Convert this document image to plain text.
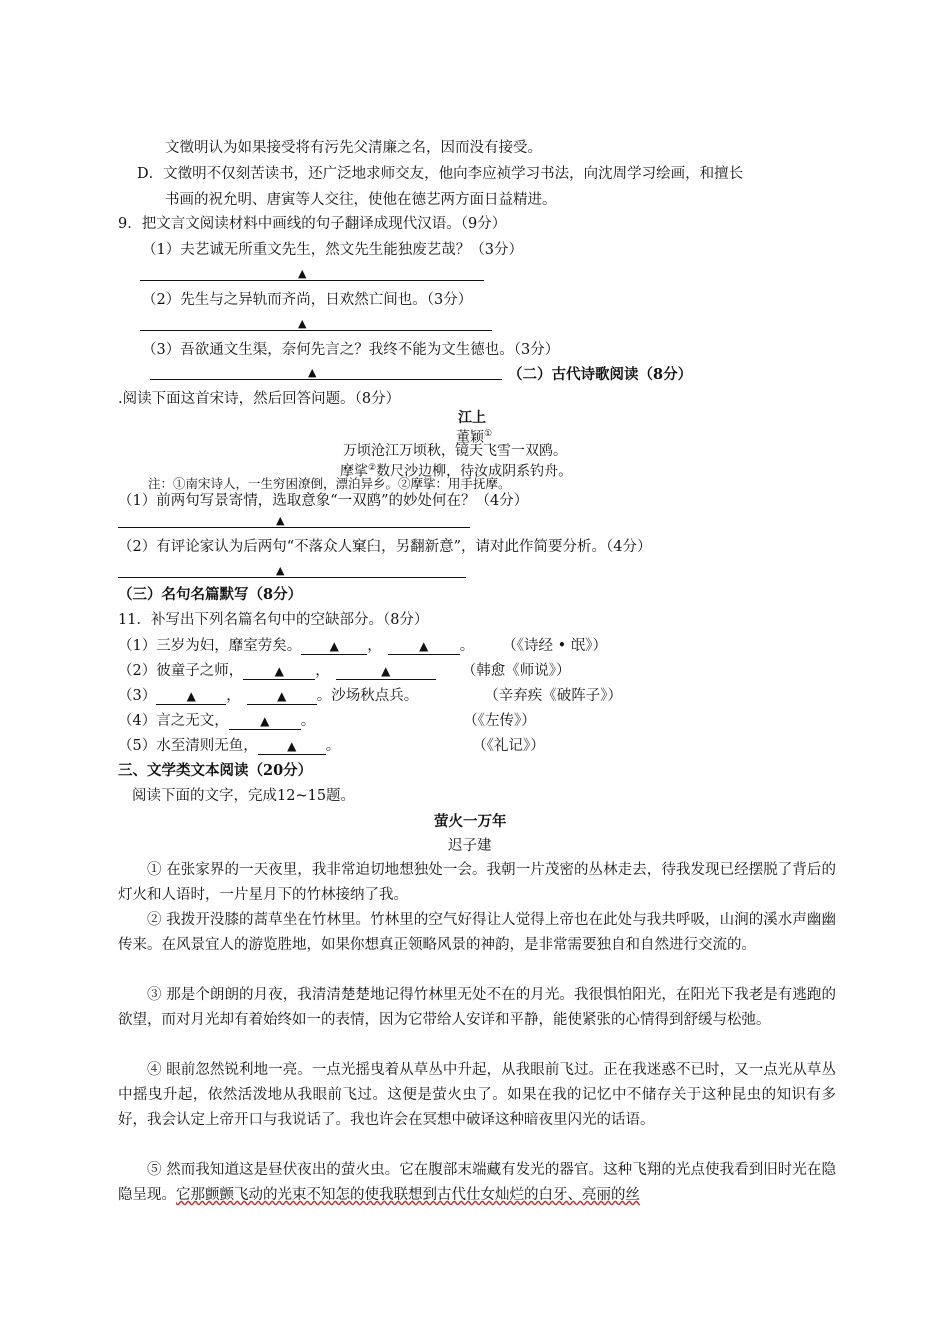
文徵明认为如果接受将有污先父清廉之名，因而没有接受。
D．文徵明不仅刻苦读书，还广泛地求师交友，他向李应祯学习书法，向沈周学习绘画，和擅长
书画的祝允明、唐寅等人交往，使他在德艺两方面日益精进。
9．把文言文阅读材料中画线的句子翻译成现代汉语。（9分）
（1）夫艺诚无所重文先生，然文先生能独废艺哉？（3分）
▲
（2）先生与之异轨而齐尚，日欢然亡间也。（3分）
▲
（3）吾欲通文生渠，奈何先言之？我终不能为文生德也。（3分）
▲	（二）古代诗歌阅读（8分）
.阅读下面这首宋诗，然后回答问题。（8分）
江上
董颖①
万顷沧江万顷秋，镜天飞雪一双鸥。
摩挲②数尺沙边柳，待汝成阴系钓舟。
注：①南宋诗人，一生穷困潦倒，漂泊异乡。②摩挲：用手抚摩。
（1）前两句写景寄情，选取意象“一双鸥”的妙处何在？（4分）
▲
（2）有评论家认为后两句“不落众人窠臼，另翻新意”，请对此作简要分析。（4分）
▲
（三）名句名篇默写（8分）
11．补写出下列名篇名句中的空缺部分。（8分）
（1）三岁为妇，靡室劳矣。 ▲ ，	▲ 。 （《诗经 • 氓》）
（2）彼童子之师，	▲ ，	▲	（韩愈《师说》）
（3）	▲ ，	▲ 。沙场秋点兵。	（辛弃疾《破阵子》）
（4）言之无文，	▲ 。	（《左传》）
（5）水至清则无鱼， ▲ 。	（《礼记》）
三、文学类文本阅读（20分）
阅读下面的文字，完成12~15题。
萤火一万年
迟子建
① 在张家界的一天夜里，我非常迫切地想独处一会。我朝一片茂密的丛林走去，待我发现已经摆脱了背后的灯火和人语时，一片星月下的竹林接纳了我。
② 我拨开没膝的蒿草坐在竹林里。竹林里的空气好得让人觉得上帝也在此处与我共呼吸，山涧的溪水声幽幽传来。在风景宜人的游览胜地，如果你想真正领略风景的神韵，是非常需要独自和自然进行交流的。
③ 那是个朗朗的月夜，我清清楚楚地记得竹林里无处不在的月光。我很惧怕阳光，在阳光下我老是有逃跑的欲望，而对月光却有着始终如一的表情，因为它带给人安详和平静，能使紧张的心情得到舒缓与松弛。
④ 眼前忽然锐利地一亮。一点光摇曳着从草丛中升起，从我眼前飞过。正在我迷惑不已时，又一点光从草丛中摇曳升起，依然活泼地从我眼前飞过。这便是萤火虫了。如果在我的记忆中不储存关于这种昆虫的知识有多好，我会认定上帝开口与我说话了。我也许会在冥想中破译这种暗夜里闪光的话语。
⑤ 然而我知道这是昼伏夜出的萤火虫。它在腹部末端藏有发光的器官。这种飞翔的光点使我看到旧时光在隐隐呈现。它那颤颤飞动的光束不知怎的使我联想到古代仕女灿烂的白牙、亮丽的丝
